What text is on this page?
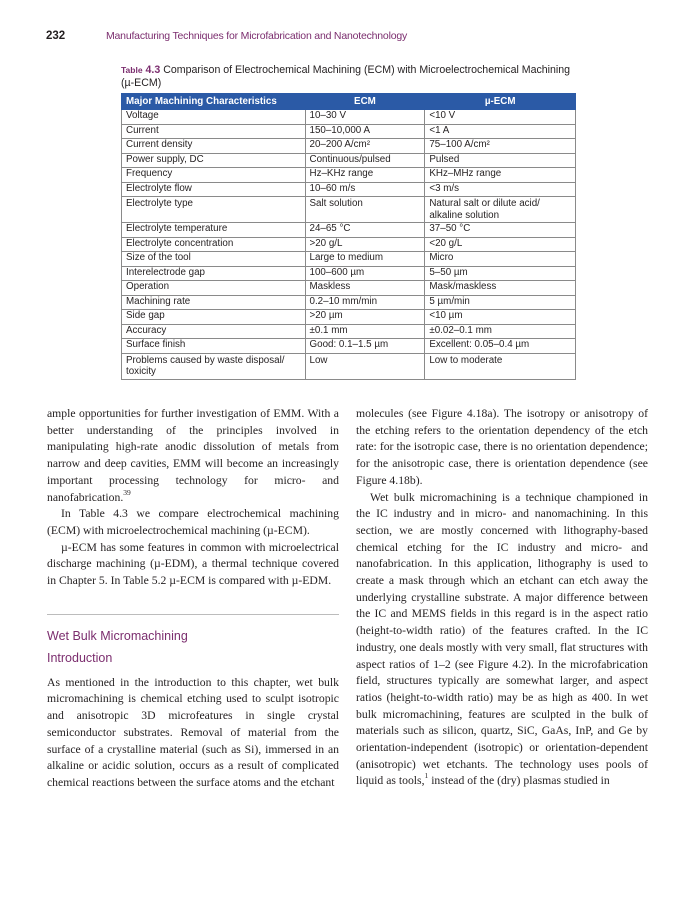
232	Manufacturing Techniques for Microfabrication and Nanotechnology
Table 4.3 Comparison of Electrochemical Machining (ECM) with Microelectrochemical Machining (µ-ECM)
Major Machining Characteristics	ECM	µ-ECM
Voltage	10–30 V	<10 V
Current	150–10,000 A	<1 A
Current density	20–200 A/cm²	75–100 A/cm²
Power supply, DC	Continuous/pulsed	Pulsed
Frequency	Hz–KHz range	KHz–MHz range
Electrolyte flow	10–60 m/s	<3 m/s
Electrolyte type	Salt solution	Natural salt or dilute acid/ alkaline solution
Electrolyte temperature	24–65 °C	37–50 °C
Electrolyte concentration	>20 g/L	<20 g/L
Size of the tool	Large to medium	Micro
Interelectrode gap	100–600 µm	5–50 µm
Operation	Maskless	Mask/maskless
Machining rate	0.2–10 mm/min	5 µm/min
Side gap	>20 µm	<10 µm
Accuracy	±0.1 mm	±0.02–0.1 mm
Surface finish	Good: 0.1–1.5 µm	Excellent: 0.05–0.4 µm
Problems caused by waste disposal/ toxicity	Low	Low to moderate

ample opportunities for further investigation of EMM. With a better understanding of the principles involved in manipulating high-rate anodic dissolution of metals from narrow and deep cavities, EMM will become an increasingly important processing technology for micro- and nanofabrication.$^{39}$

In Table 4.3 we compare electrochemical machining (ECM) with microelectrochemical machining (µ-ECM).

µ-ECM has some features in common with microelectrical discharge machining (µ-EDM), a thermal technique covered in Chapter 5. In Table 5.2 µ-ECM is compared with µ-EDM.

Wet Bulk Micromachining
Introduction

As mentioned in the introduction to this chapter, wet bulk micromachining is chemical etching used to sculpt isotropic and anisotropic 3D microfeatures in single crystal semiconductor substrates. Removal of material from the surface of a crystalline material (such as Si), immersed in an alkaline or acidic solution, occurs as a result of complicated chemical reactions between the surface atoms and the etchant

molecules (see Figure 4.18a). The isotropy or anisotropy of the etching refers to the orientation dependency of the etch rate: for the isotropic case, there is no orientation dependence; for the anisotropic case, there is orientation dependence (see Figure 4.18b).

Wet bulk micromachining is a technique championed in the IC industry and in micro- and nanomachining. In this section, we are mostly concerned with lithography-based chemical etching for the IC industry and micro- and nanofabrication. In this application, lithography is used to create a mask through which an etchant can etch away the underlying crystalline substrate. A major difference between the IC and MEMS fields in this regard is in the aspect ratio (height-to-width ratio) of the features crafted. In the IC industry, one deals mostly with very small, flat structures with aspect ratios of 1–2 (see Figure 4.2). In the microfabrication field, structures typically are somewhat larger, and aspect ratios (height-to-width ratio) may be as high as 400. In wet bulk micromachining, features are sculpted in the bulk of materials such as silicon, quartz, SiC, GaAs, InP, and Ge by orientation-independent (isotropic) or orientation-dependent (anisotropic) wet etchants. The technology uses pools of liquid as tools,$^1$ instead of the (dry) plasmas studied in
